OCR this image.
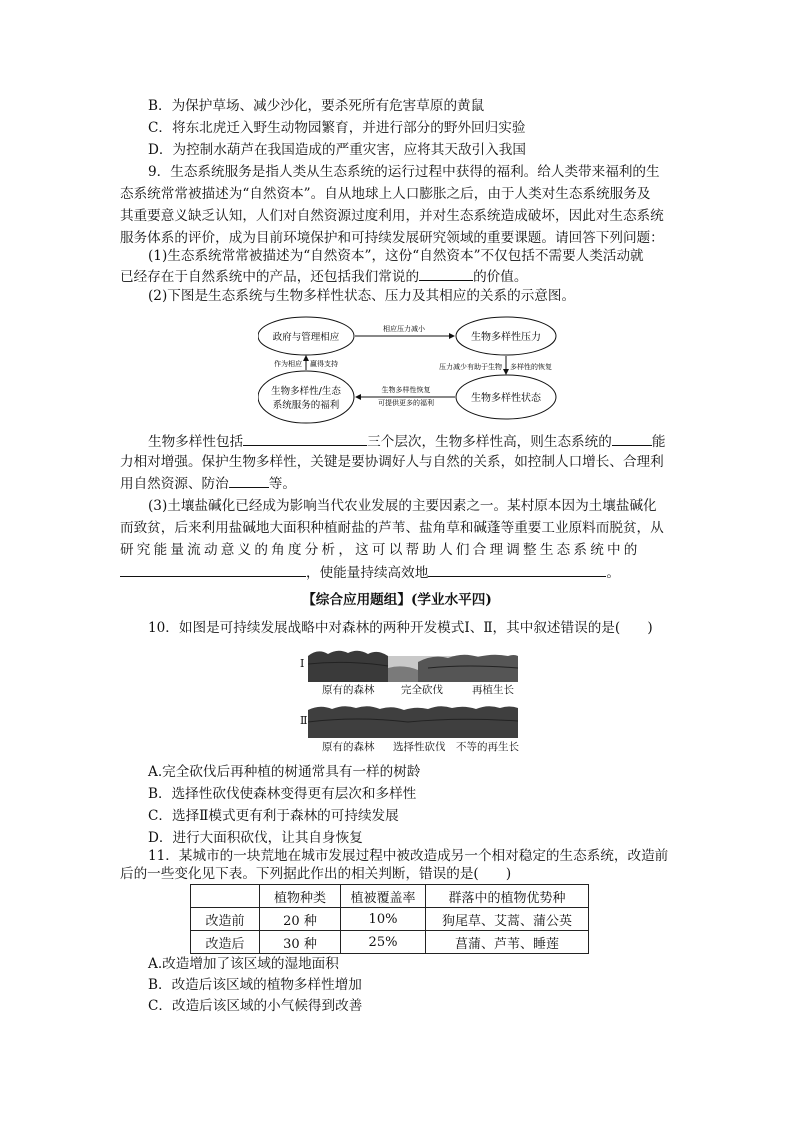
B．为保护草场、减少沙化，要杀死所有危害草原的黄鼠
C．将东北虎迁入野生动物园繁育，并进行部分的野外回归实验
D．为控制水葫芦在我国造成的严重灾害，应将其天敌引入我国
9．生态系统服务是指人类从生态系统的运行过程中获得的福利。给人类带来福利的生
态系统常常被描述为“自然资本”。自从地球上人口膨胀之后，由于人类对生态系统服务及
其重要意义缺乏认知，人们对自然资源过度利用，并对生态系统造成破坏，因此对生态系统
服务体系的评价，成为目前环境保护和可持续发展研究领域的重要课题。请回答下列问题：
(1)生态系统常常被描述为“自然资本”，这份“自然资本”不仅包括不需要人类活动就
已经存在于自然系统中的产品，还包括我们常说的	的价值。
(2)下图是生态系统与生物多样性状态、压力及其相应的关系的示意图。
政府与管理相应	生物多样性压力
生物多样性/生态
系统服务的福利
生物多样性状态
相应压力减小
压力减少有助于生物 多样性的恢复
生物多样性恢复
可提供更多的福利
作为相应 赢得支持
生物多样性包括	三个层次，生物多样性高，则生态系统的	能
力相对增强。保护生物多样性，关键是要协调好人与自然的关系，如控制人口增长、合理利
用自然资源、防治	等。
(3)土壤盐碱化已经成为影响当代农业发展的主要因素之一。某村原本因为土壤盐碱化
而致贫，后来利用盐碱地大面积种植耐盐的芦苇、盐角草和碱蓬等重要工业原料而脱贫，从
研究能量流动意义的角度分析，这可以帮助人们合理调整生态系统中的
，使能量持续高效地	。
【综合应用题组】(学业水平四)
10．如图是可持续发展战略中对森林的两种开发模式Ⅰ、Ⅱ，其中叙述错误的是(　　)
Ⅰ
原有的森林	完全砍伐	再植生长
Ⅱ
原有的森林 选择性砍伐 不等的再生长
A.完全砍伐后再种植的树通常具有一样的树龄
B．选择性砍伐使森林变得更有层次和多样性
C．选择Ⅱ模式更有利于森林的可持续发展
D．进行大面积砍伐，让其自身恢复
11．某城市的一块荒地在城市发展过程中被改造成另一个相对稳定的生态系统，改造前
后的一些变化见下表。下列据此作出的相关判断，错误的是(　　)
	植物种类	植被覆盖率	群落中的植物优势种
改造前	20 种	10%	狗尾草、艾蒿、蒲公英
改造后	30 种	25%	菖蒲、芦苇、睡莲
A.改造增加了该区域的湿地面积
B．改造后该区域的植物多样性增加
C．改造后该区域的小气候得到改善
